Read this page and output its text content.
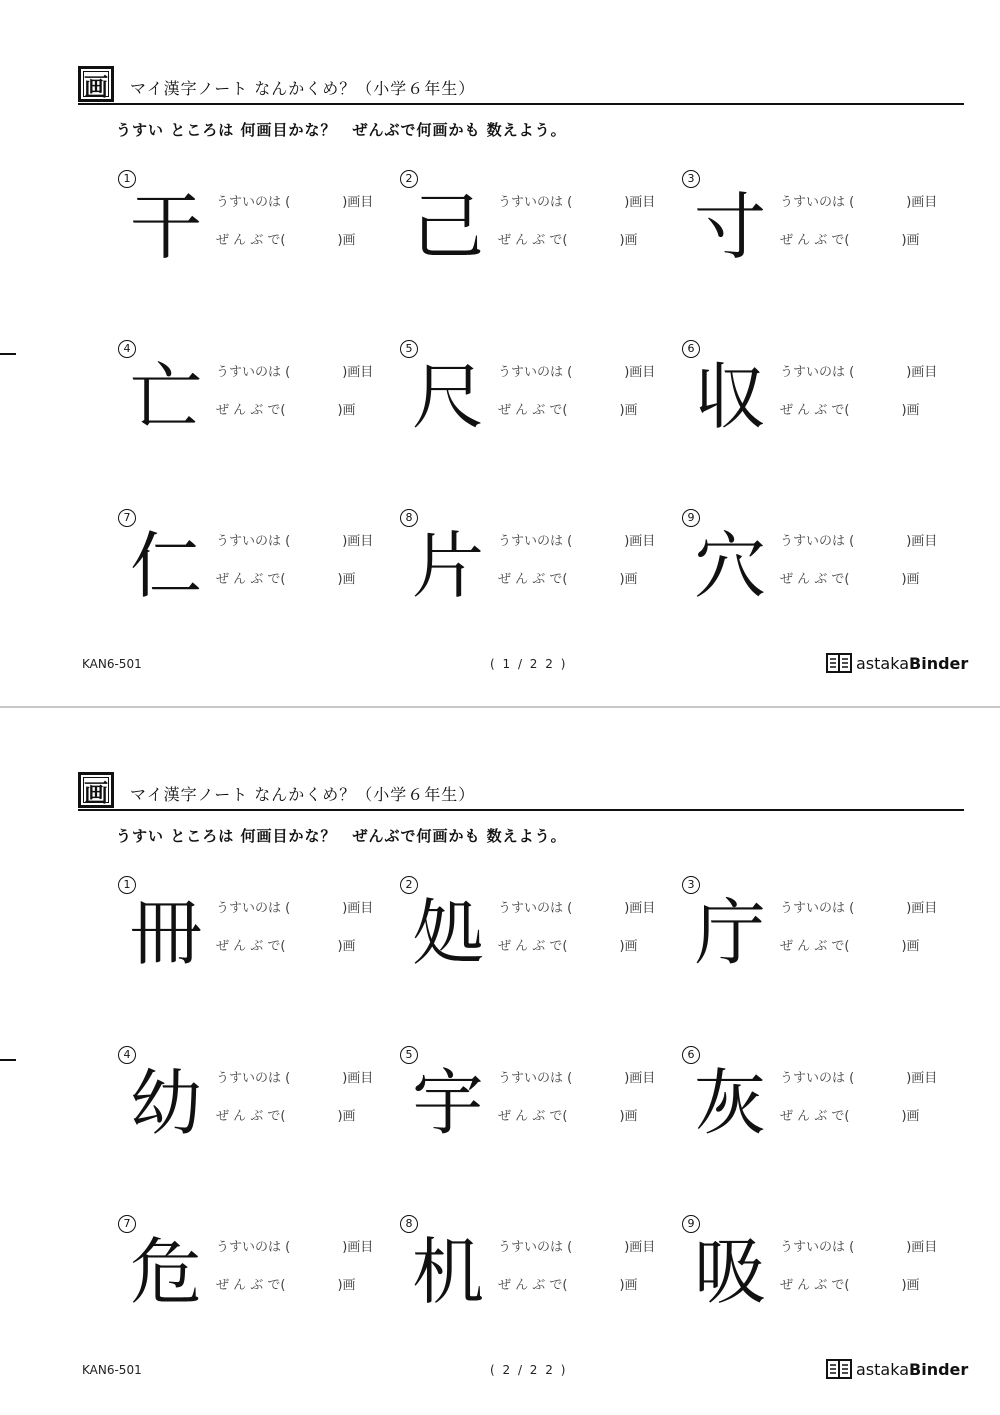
画	マイ漢字ノート なんかくめ？（小学６年生）
うすい ところは 何画目かな？　ぜんぶで何画かも 数えよう。
1
干	うすいのは (	)画目
ぜ ん ぶ で(	)画
2
己	うすいのは (	)画目
ぜ ん ぶ で(	)画
3
寸	うすいのは (	)画目
ぜ ん ぶ で(	)画
4
亡	うすいのは (	)画目
ぜ ん ぶ で(	)画
5
尺	うすいのは (	)画目
ぜ ん ぶ で(	)画
6
収	うすいのは (	)画目
ぜ ん ぶ で(	)画
7
仁	うすいのは (	)画目
ぜ ん ぶ で(	)画
8
片	うすいのは (	)画目
ぜ ん ぶ で(	)画
9
穴	うすいのは (	)画目
ぜ ん ぶ で(	)画
KAN6-501	( 1 / 2 2 )	astakaBinder
画	マイ漢字ノート なんかくめ？（小学６年生）
うすい ところは 何画目かな？　ぜんぶで何画かも 数えよう。
1
冊	うすいのは (	)画目
ぜ ん ぶ で(	)画
2
処	うすいのは (	)画目
ぜ ん ぶ で(	)画
3
庁	うすいのは (	)画目
ぜ ん ぶ で(	)画
4
幼	うすいのは (	)画目
ぜ ん ぶ で(	)画
5
宇	うすいのは (	)画目
ぜ ん ぶ で(	)画
6
灰	うすいのは (	)画目
ぜ ん ぶ で(	)画
7
危	うすいのは (	)画目
ぜ ん ぶ で(	)画
8
机	うすいのは (	)画目
ぜ ん ぶ で(	)画
9
吸	うすいのは (	)画目
ぜ ん ぶ で(	)画
KAN6-501	( 2 / 2 2 )	astakaBinder
